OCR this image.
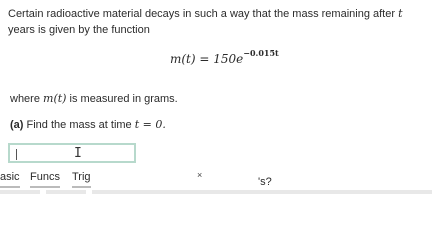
Certain radioactive material decays in such a way that the mass remaining after t
years is given by the function
$m(t) = 150e^{-0.015t}$
where m(t) is measured in grams.
(a) Find the mass at time t = 0.
I
asic Funcs Trig	×
's?
